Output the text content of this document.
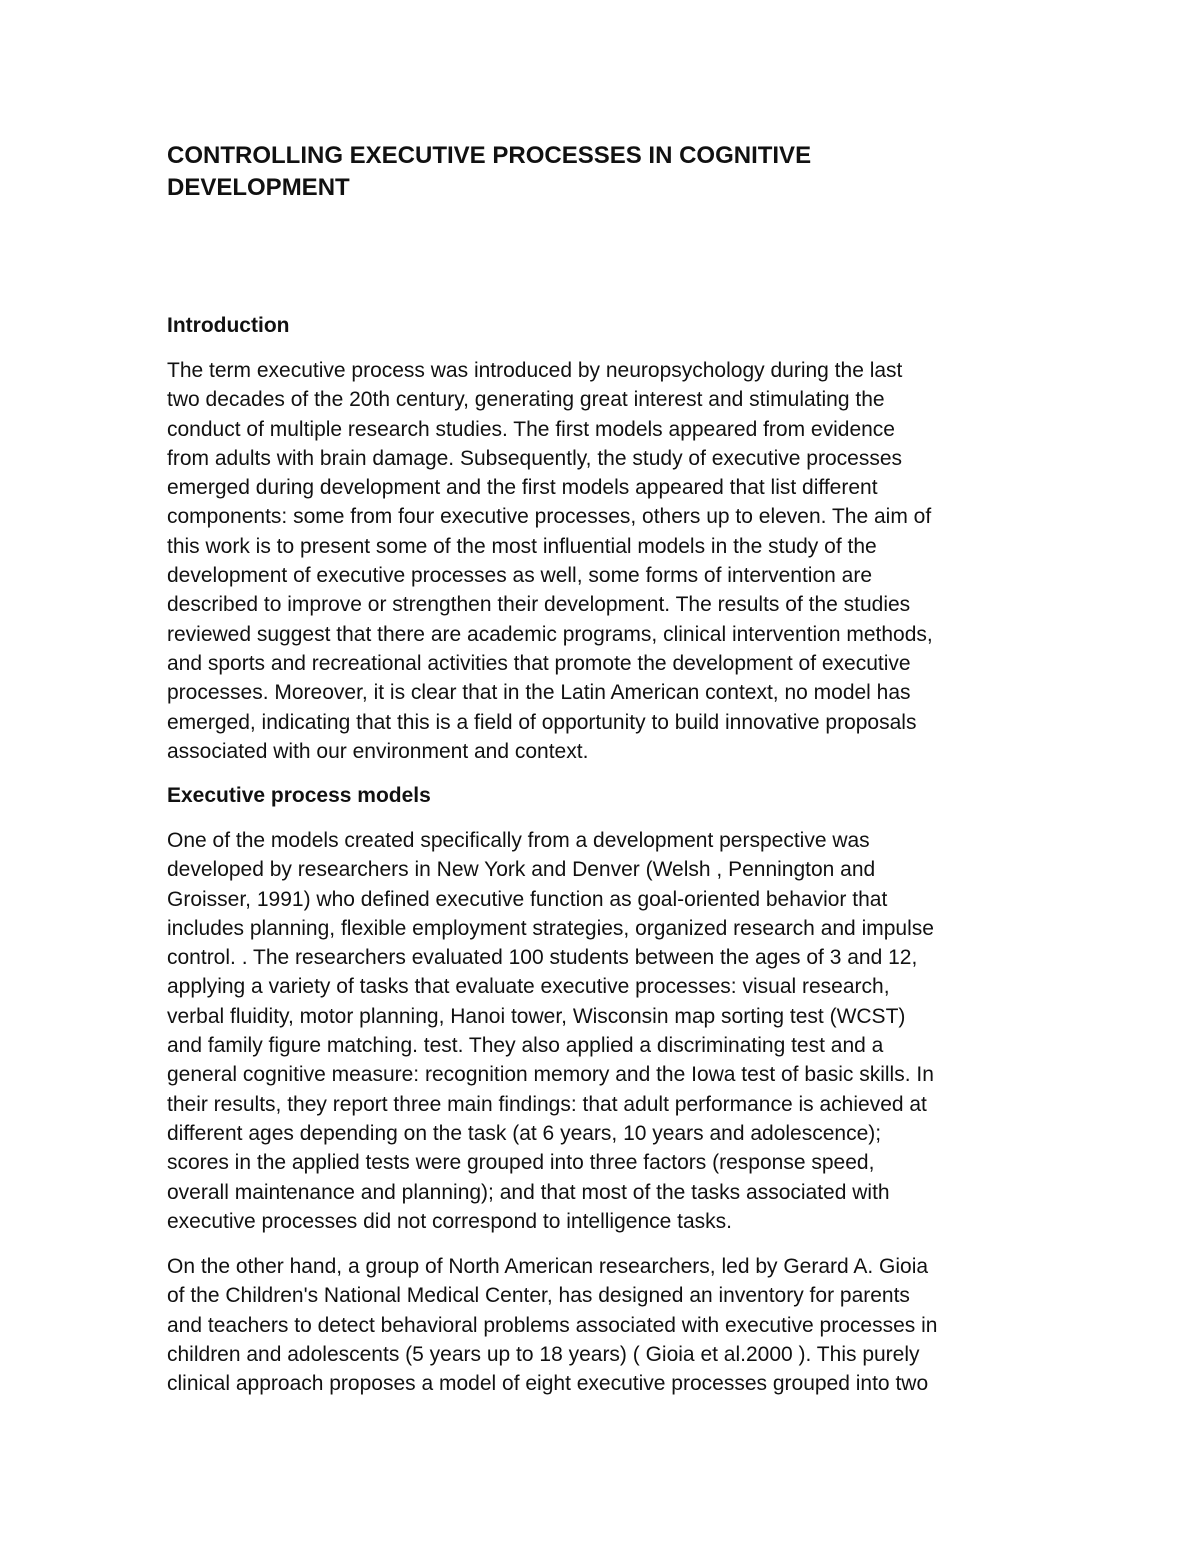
CONTROLLING EXECUTIVE PROCESSES IN COGNITIVE
DEVELOPMENT
Introduction

The term executive process was introduced by neuropsychology during the last
two decades of the 20th century, generating great interest and stimulating the
conduct of multiple research studies. The first models appeared from evidence
from adults with brain damage. Subsequently, the study of executive processes
emerged during development and the first models appeared that list different
components: some from four executive processes, others up to eleven. The aim of
this work is to present some of the most influential models in the study of the
development of executive processes as well, some forms of intervention are
described to improve or strengthen their development. The results of the studies
reviewed suggest that there are academic programs, clinical intervention methods,
and sports and recreational activities that promote the development of executive
processes. Moreover, it is clear that in the Latin American context, no model has
emerged, indicating that this is a field of opportunity to build innovative proposals
associated with our environment and context.

Executive process models

One of the models created specifically from a development perspective was
developed by researchers in New York and Denver (Welsh , Pennington and
Groisser, 1991) who defined executive function as goal-oriented behavior that
includes planning, flexible employment strategies, organized research and impulse
control. . The researchers evaluated 100 students between the ages of 3 and 12,
applying a variety of tasks that evaluate executive processes: visual research,
verbal fluidity, motor planning, Hanoi tower, Wisconsin map sorting test (WCST)
and family figure matching. test. They also applied a discriminating test and a
general cognitive measure: recognition memory and the Iowa test of basic skills. In
their results, they report three main findings: that adult performance is achieved at
different ages depending on the task (at 6 years, 10 years and adolescence);
scores in the applied tests were grouped into three factors (response speed,
overall maintenance and planning); and that most of the tasks associated with
executive processes did not correspond to intelligence tasks.

On the other hand, a group of North American researchers, led by Gerard A. Gioia
of the Children's National Medical Center, has designed an inventory for parents
and teachers to detect behavioral problems associated with executive processes in
children and adolescents (5 years up to 18 years) ( Gioia et al.2000 ). This purely
clinical approach proposes a model of eight executive processes grouped into two
